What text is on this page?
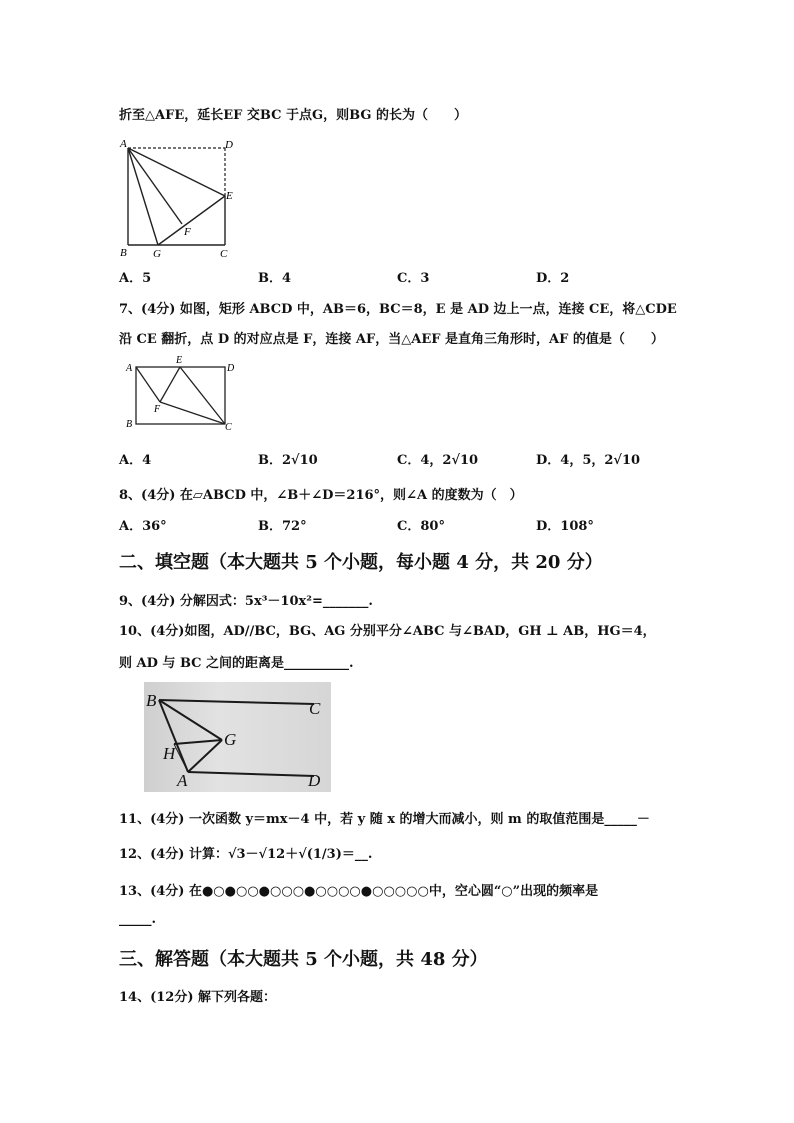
折至△AFE，延长EF 交BC 于点G，则BG 的长为（　　）
A	D
E
F
B G	C
A．5	B．4	C．3	D．2
7、(4分) 如图，矩形 ABCD 中，AB＝6，BC＝8，E 是 AD 边上一点，连接 CE，将△CDE
沿 CE 翻折，点 D 的对应点是 F，连接 AF，当△AEF 是直角三角形时，AF 的值是（　　）
A
E
D
F
B	C
A．4	B．2√10	C．4，2√10	D．4，5，2√10
8、(4分) 在▱ABCD 中，∠B＋∠D＝216°，则∠A 的度数为（　）
A．36°	B．72°	C．80°	D．108°
二、填空题（本大题共 5 个小题，每小题 4 分，共 20 分）
9、(4分) 分解因式：5x³－10x²=_______.
10、(4分)如图，AD//BC，BG、AG 分别平分∠ABC 与∠BAD，GH ⊥ AB，HG＝4，
则 AD 与 BC 之间的距离是__________.
B	C
G
H
A	D
11、(4分) 一次函数 y＝mx－4 中，若 y 随 x 的增大而减小，则 m 的取值范围是_____－
12、(4分) 计算：√3－√12＋√(1/3)＝__.
13、(4分) 在●○●○○●○○○●○○○○●○○○○○中，空心圆“○”出现的频率是
_____.
三、解答题（本大题共 5 个小题，共 48 分）
14、(12分) 解下列各题：
